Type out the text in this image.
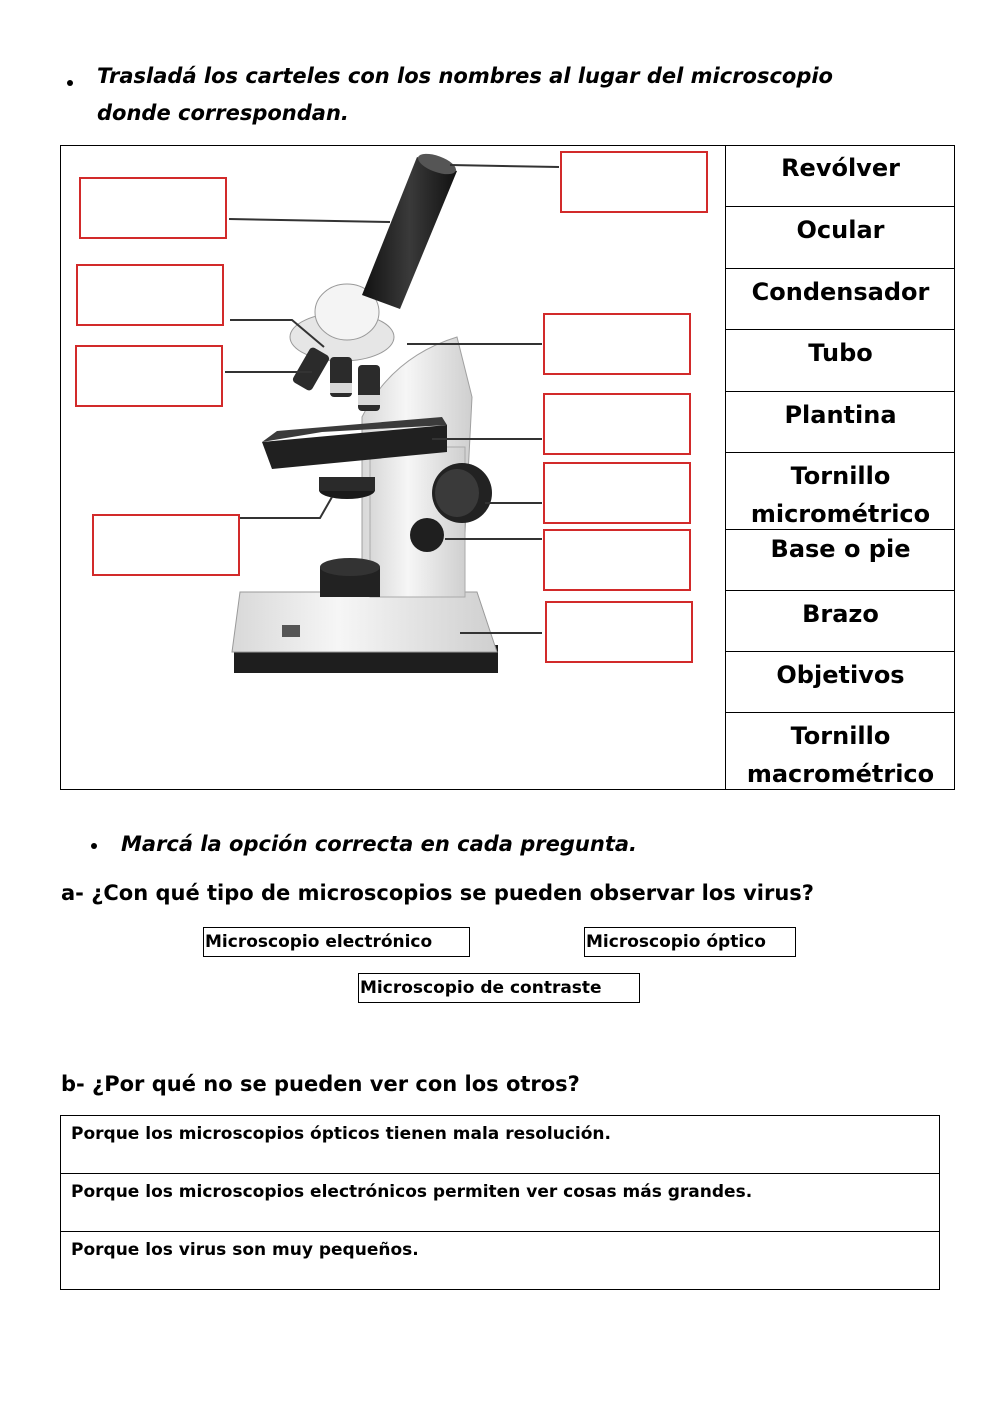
Trasladá los carteles con los nombres al lugar del microscopio
donde correspondan.
Revólver
Ocular
Condensador
Tubo
Plantina
Tornillo
micrométrico
Base o pie
Brazo
Objetivos
Tornillo
macrométrico
Marcá la opción correcta en cada pregunta.
a- ¿Con qué tipo de microscopios se pueden observar los virus?
Microscopio electrónico	Microscopio óptico
Microscopio de contraste
b- ¿Por qué no se pueden ver con los otros?
Porque los microscopios ópticos tienen mala resolución.
Porque los microscopios electrónicos permiten ver cosas más grandes.
Porque los virus son muy pequeños.
